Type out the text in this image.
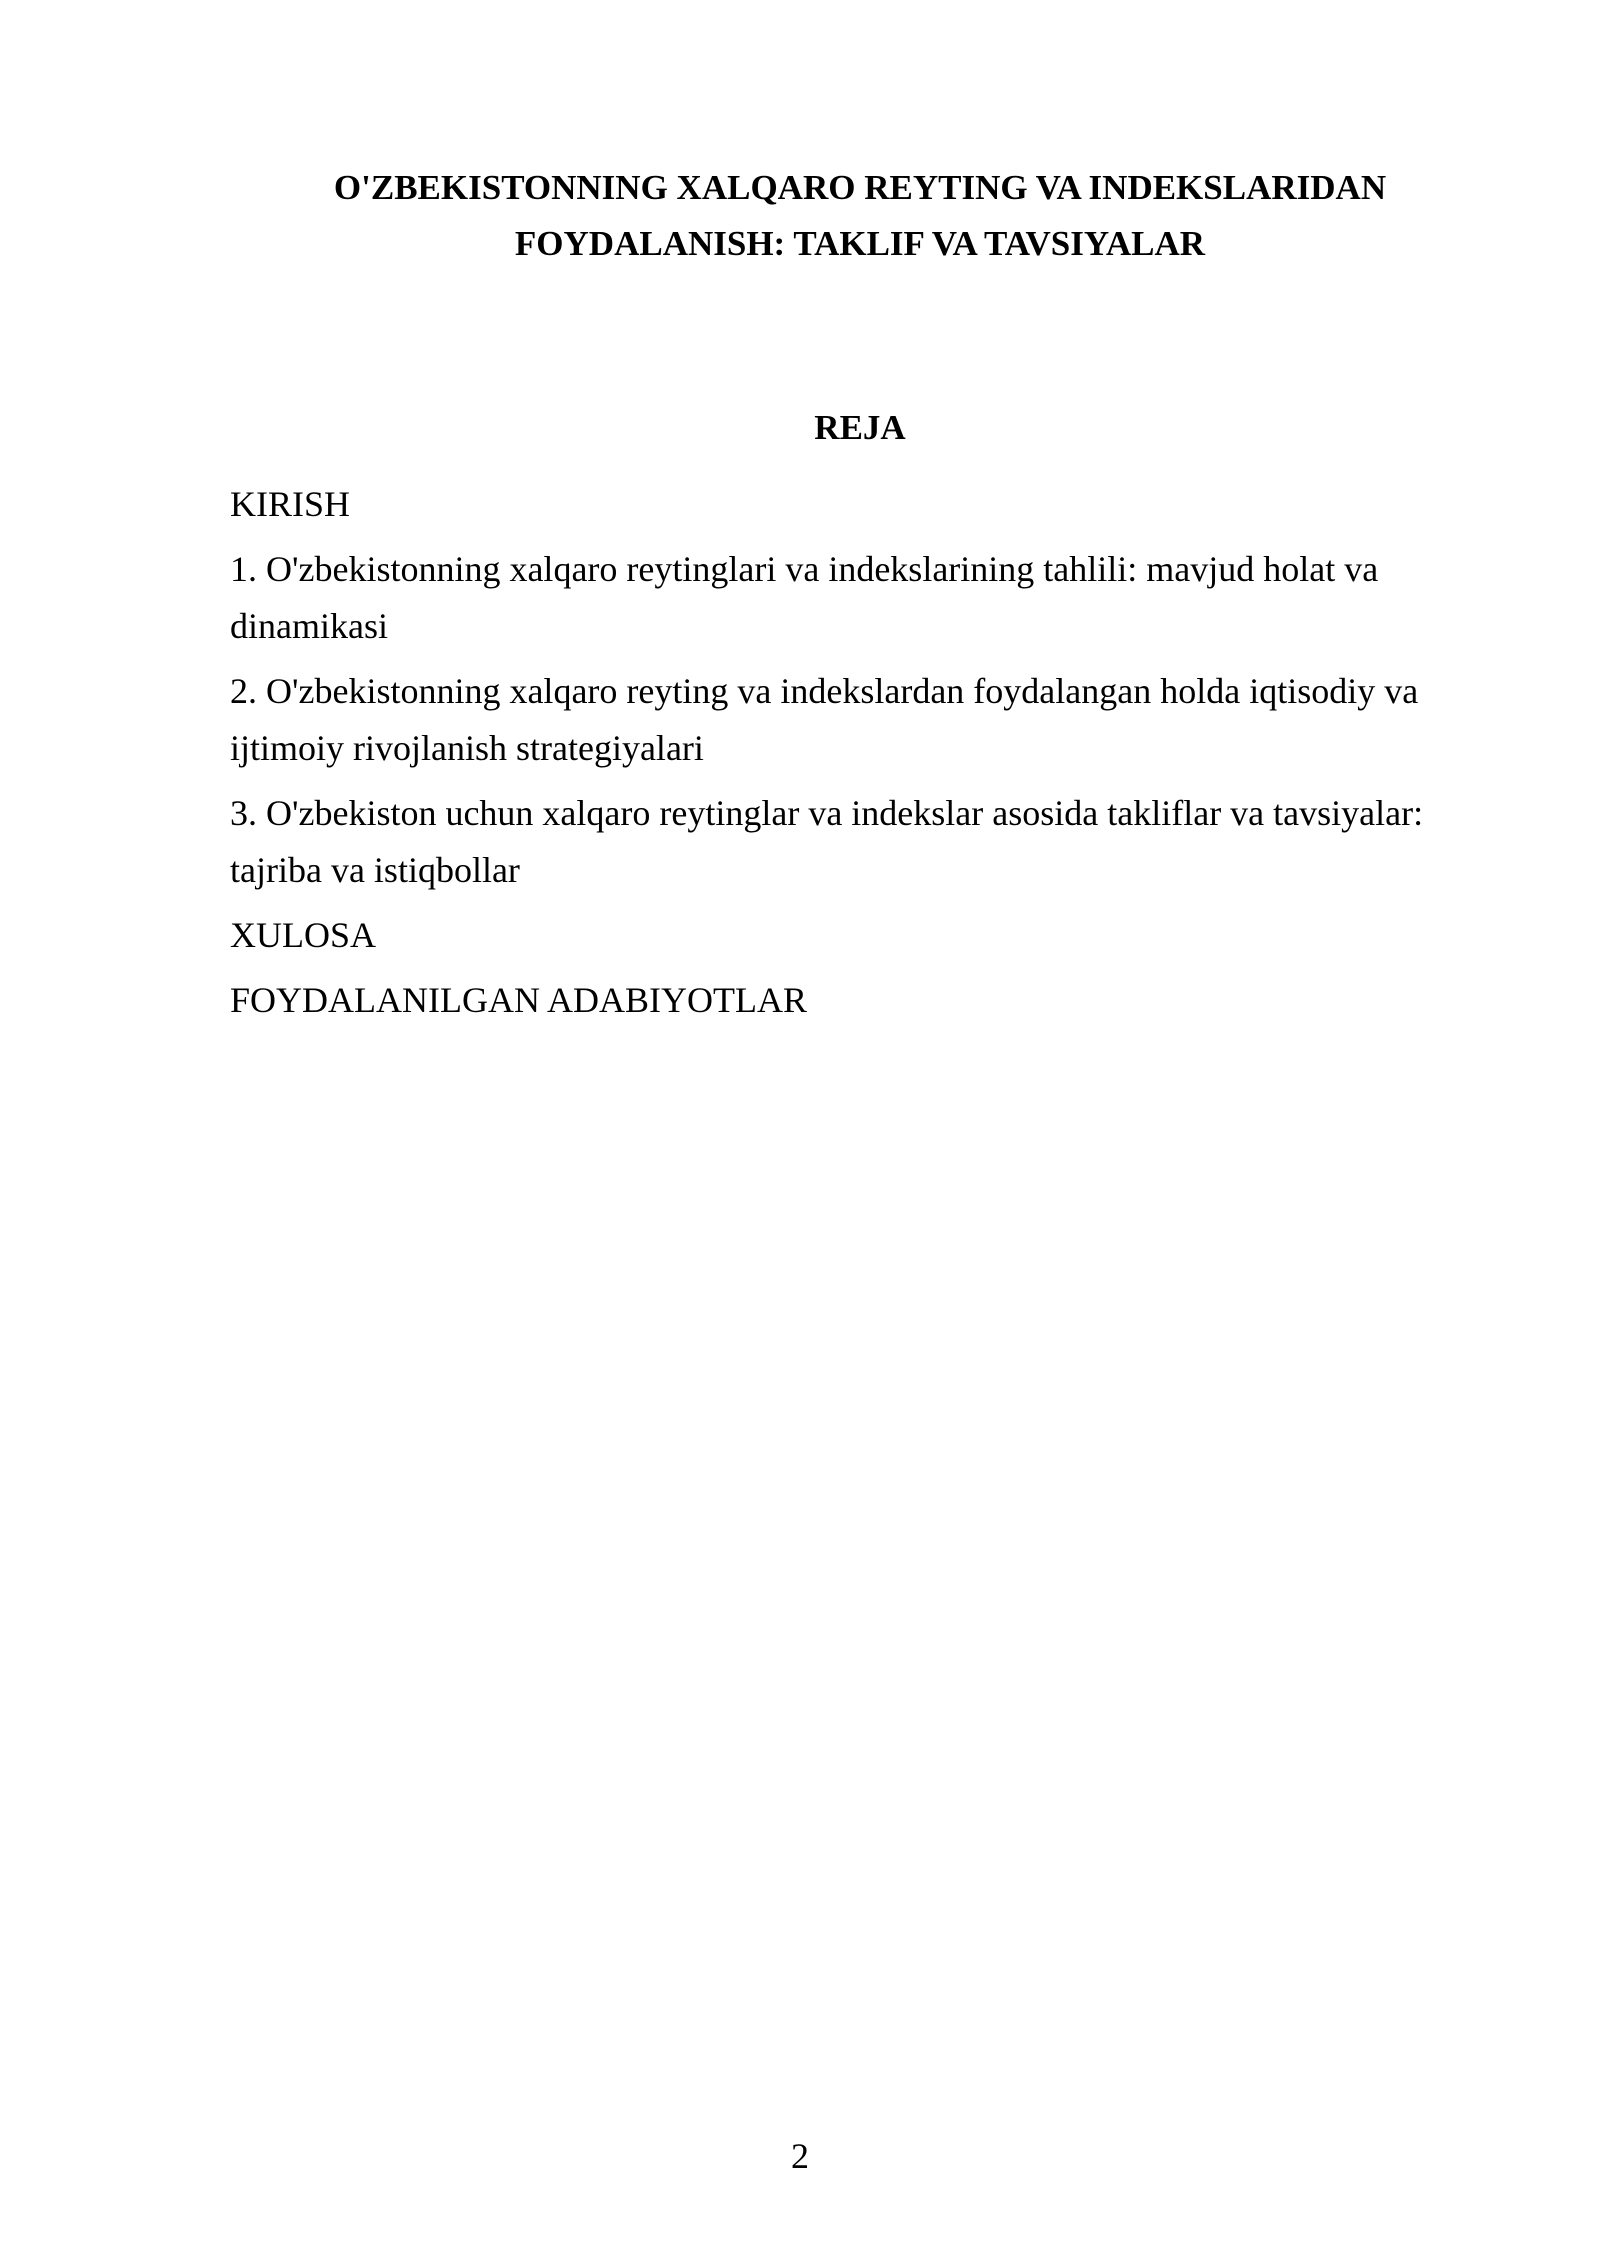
O'ZBEKISTONNING XALQARO REYTING VA INDEKSLARIDAN
FOYDALANISH: TAKLIF VA TAVSIYALAR
REJA
KIRISH
1. O'zbekistonning xalqaro reytinglari va indekslarining tahlili: mavjud holat va dinamikasi
2. O'zbekistonning xalqaro reyting va indekslardan foydalangan holda iqtisodiy va ijtimoiy rivojlanish strategiyalari
3. O'zbekiston uchun xalqaro reytinglar va indekslar asosida takliflar va tavsiyalar: tajriba va istiqbollar
XULOSA
FOYDALANILGAN ADABIYOTLAR
2
